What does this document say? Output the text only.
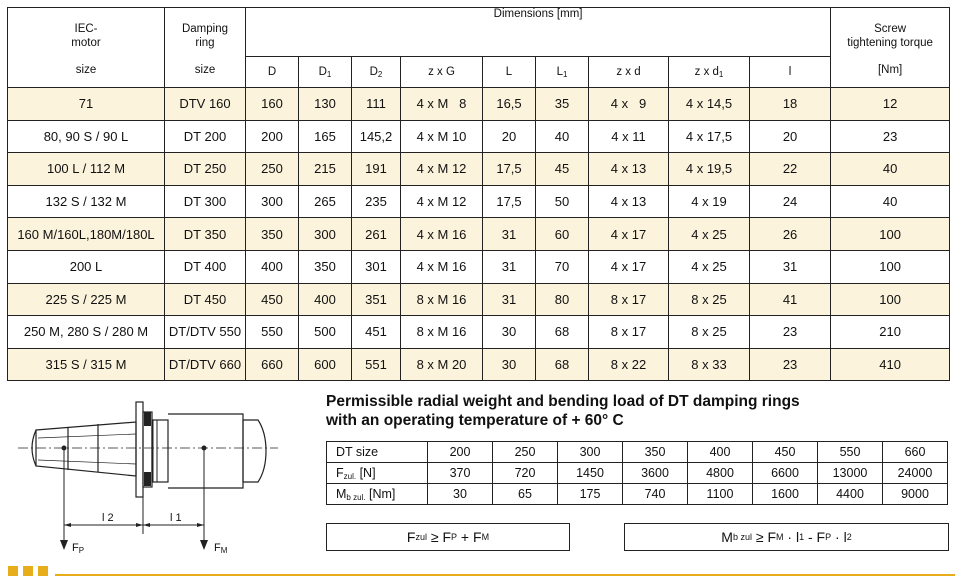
IEC-
motor
size	Damping
ring
size	Dimensions [mm]									Screw
tightening torque
[Nm]

		D	$D_1$	$D_2$	z x G	L	$L_1$	z x d	z x $d_1$	l	
71	DTV 160	160	130	111	4 x M   8	16,5	35	4 x   9	4 x 14,5	18	12
80, 90 S / 90 L	DT 200	200	165	145,2	4 x M 10	20	40	4 x 11	4 x 17,5	20	23
100 L / 112 M	DT 250	250	215	191	4 x M 12	17,5	45	4 x 13	4 x 19,5	22	40
132 S / 132 M	DT 300	300	265	235	4 x M 12	17,5	50	4 x 13	4 x 19	24	40
160 M/160L,180M/180L	DT 350	350	300	261	4 x M 16	31	60	4 x 17	4 x 25	26	100
200 L	DT 400	400	350	301	4 x M 16	31	70	4 x 17	4 x 25	31	100
225 S / 225 M	DT 450	450	400	351	8 x M 16	31	80	8 x 17	8 x 25	41	100
250 M, 280 S / 280 M	DT/DTV 550	550	500	451	8 x M 16	30	68	8 x 17	8 x 25	23	210
315 S / 315 M	DT/DTV 660	660	600	551	8 x M 20	30	68	8 x 22	8 x 33	23	410
l 2	l 1
$F_P$	$F_M$
Permissible radial weight and bending load of DT damping rings
with an operating temperature of + 60° C
DT size	200	250	300	350	400	450	550	660
$F_{zul.}$ [N]	370	720	1450	3600	4800	6600	13000	24000
$M_{b zul.}$ [Nm]	30	65	175	740	1100	1600	4400	9000
F zul ≥ F P + F M	M b zul ≥ F M · l 1 - F P · l 2
